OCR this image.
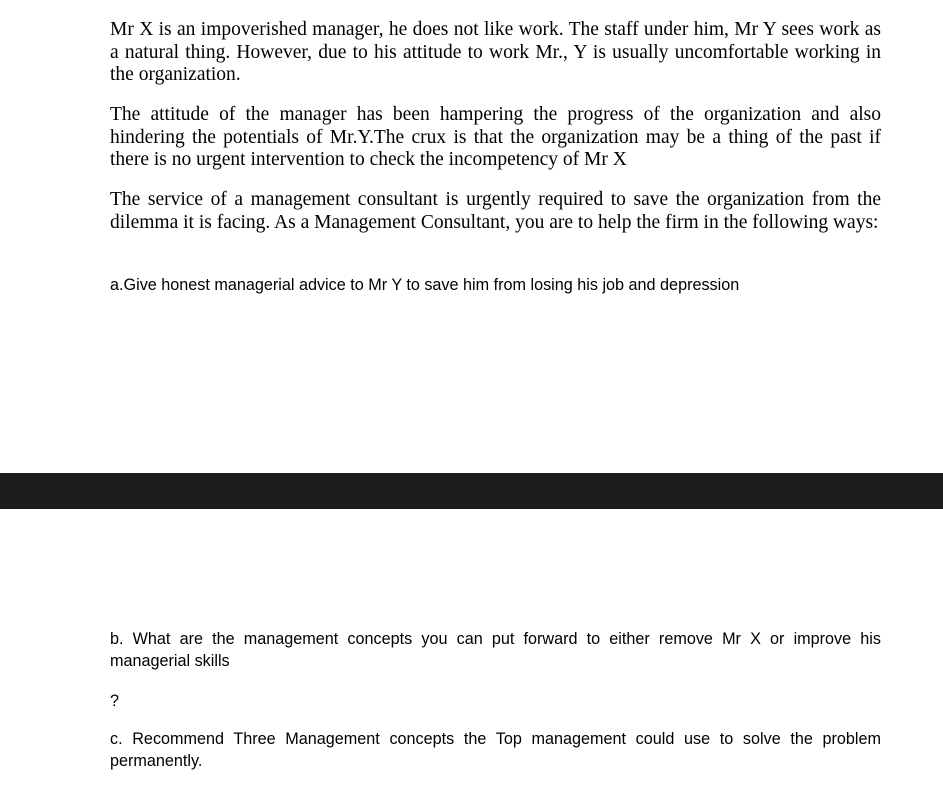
Mr X is an impoverished manager, he does not like work. The staff under him, Mr Y sees work as a natural thing. However, due to his attitude to work Mr., Y is usually uncomfortable working in the organization.

The attitude of the manager has been hampering the progress of the organization and also hindering the potentials of Mr.Y.The crux is that the organization may be a thing of the past if there is no urgent intervention to check the incompetency of Mr X

The service of a management consultant is urgently required to save the organization from the dilemma it is facing. As a Management Consultant, you are to help the firm in the following ways:

a.Give honest managerial advice to Mr Y to save him from losing his job and depression

b. What are the management concepts you can put forward to either remove Mr X or improve his managerial skills

?

c. Recommend Three Management concepts the Top management could use to solve the problem permanently.
